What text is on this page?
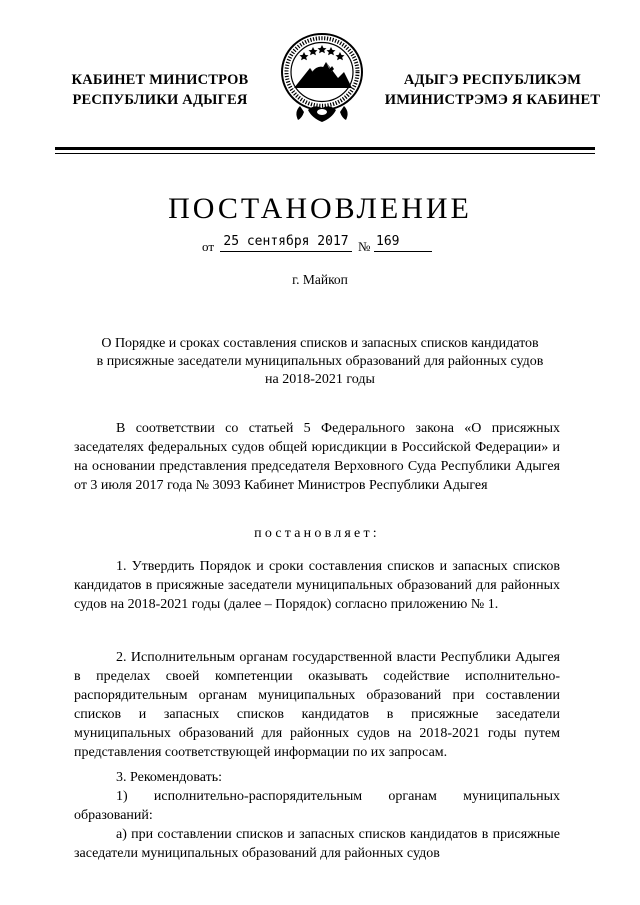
КАБИНЕТ МИНИСТРОВ
РЕСПУБЛИКИ АДЫГЕЯ
АДЫГЭ РЕСПУБЛИКЭМ
ИМИНИСТРЭМЭ Я КАБИНЕТ
ПОСТАНОВЛЕНИЕ
от 25 сентября 2017 № 169
г. Майкоп
О Порядке и сроках составления списков и запасных списков кандидатов
в присяжные заседатели муниципальных образований для районных судов
на 2018-2021 годы

В соответствии со статьей 5 Федерального закона «О присяжных заседателях федеральных судов общей юрисдикции в Российской Федерации» и на основании представления председателя Верховного Суда Республики Адыгея от 3 июля 2017 года № 3093 Кабинет Министров Республики Адыгея

постановляет:

1. Утвердить Порядок и сроки составления списков и запасных списков кандидатов в присяжные заседатели муниципальных образований для районных судов на 2018-2021 годы (далее – Порядок) согласно приложению № 1.

2. Исполнительным органам государственной власти Республики Адыгея в пределах своей компетенции оказывать содействие исполнительно-распорядительным органам муниципальных образований при составлении списков и запасных списков кандидатов в присяжные заседатели муниципальных образований для районных судов на 2018-2021 годы путем представления соответствующей информации по их запросам.

3. Рекомендовать:

1) исполнительно-распорядительным органам муниципальных образований:

а) при составлении списков и запасных списков кандидатов в присяжные заседатели муниципальных образований для районных судов
